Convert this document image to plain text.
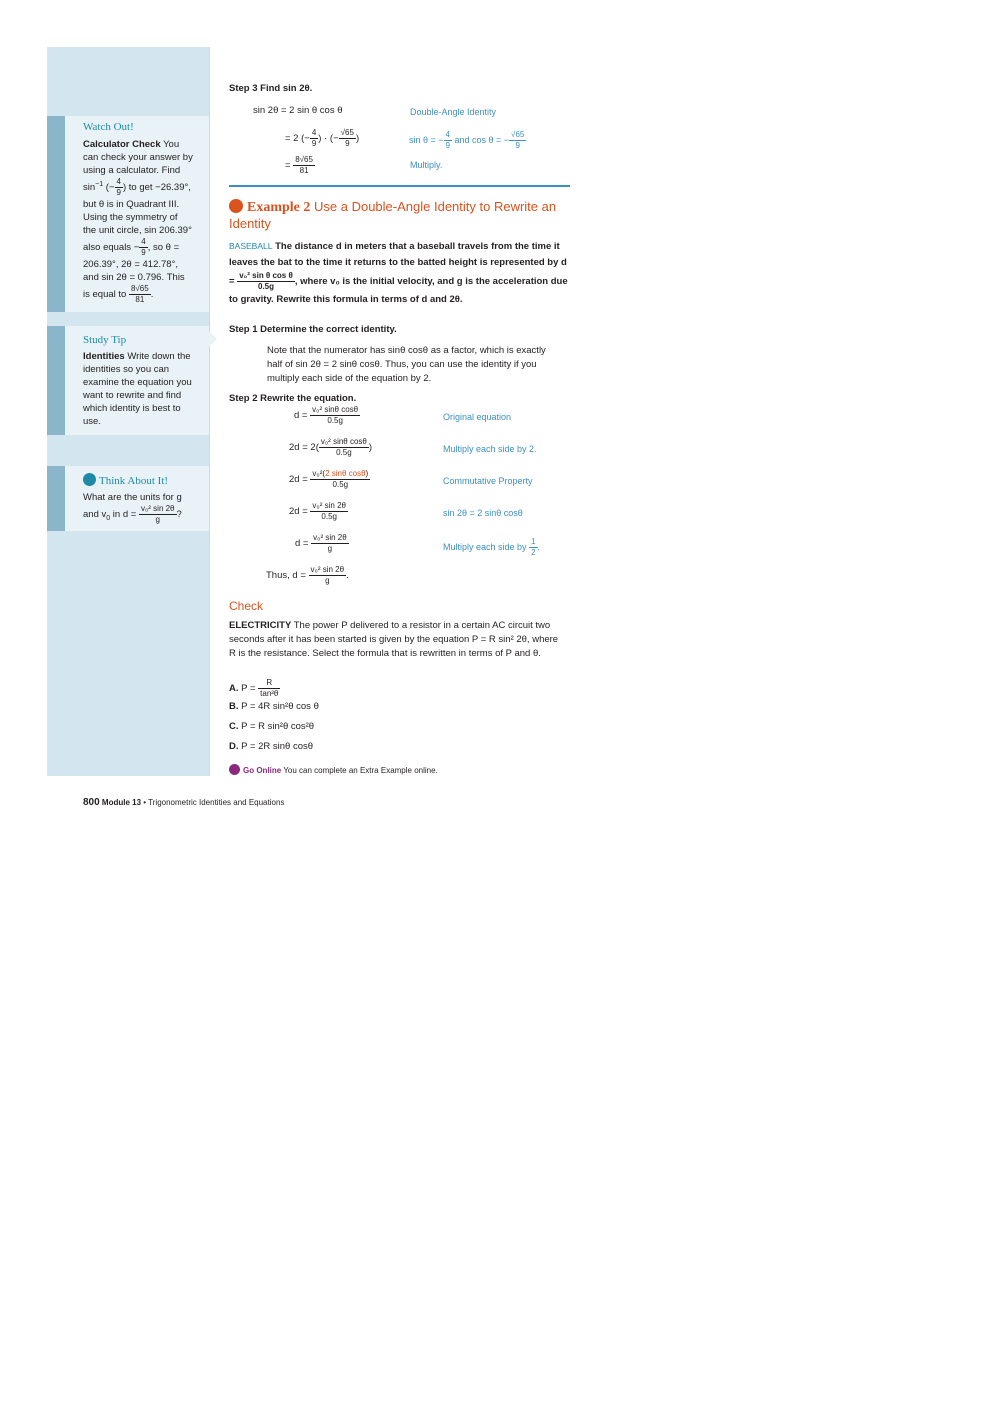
Watch Out!
Calculator Check You can check your answer by using a calculator. Find $\sin^{-1}$ (− $\frac{4}{9}$ ) to get −26.39°, but θ is in Quadrant III. Using the symmetry of the unit circle, sin 206.39° also equals − $\frac{4}{9}$ , so θ = 206.39°, 2θ = 412.78°, and sin 2θ = 0.796. This is equal to $\frac{8√65}{81}$ .
Study Tip
Identities Write down the identities so you can examine the equation you want to rewrite and find which identity is best to use.
Think About It!
What are the units for g and $v_0$ in $d = \frac{\text{v₀² sin 2θ}}{g}$ ?
Step 3 Find sin 2θ.
sin 2θ = 2 sin θ cos θ	Double-Angle Identity
= 2 (− $\frac{4}{9}$ ) · (− $\frac{√65}{9}$ )	sin θ = − $\frac{4}{9}$ and cos θ = − $\frac{√65}{9}$
= $\frac{8√65}{81}$	Multiply.
Example 2 Use a Double-Angle Identity to Rewrite an Identity
BASEBALL The distance d in meters that a baseball travels from the time it leaves the bat to the time it returns to the batted height is represented by $d = \frac{\text{v₀² sin θ cos θ}}{0.5g}$ , where v₀ is the initial velocity, and g is the acceleration due to gravity. Rewrite this formula in terms of d and 2θ.
Step 1 Determine the correct identity.
Note that the numerator has sinθ cosθ as a factor, which is exactly half of sin 2θ = 2 sinθ cosθ. Thus, you can use the identity if you multiply each side of the equation by 2.
Step 2 Rewrite the equation.
$d = \frac{\text{v₀² sinθ cosθ}}{0.5g}$	Original equation
$2d = 2( \frac{\text{v₀² sinθ cosθ}}{0.5g}$ )	Multiply each side by 2.
$2d = \frac{\text{v₀²(2 sinθ cosθ)}}{0.5g}$	Commutative Property
$2d = \frac{\text{v₀² sin 2θ}}{0.5g}$	sin 2θ = 2 sinθ cosθ
$d = \frac{\text{v₀² sin 2θ}}{g}$	Multiply each side by $\frac{1}{2}$ .
Thus, $d = \frac{\text{v₀² sin 2θ}}{g}$ .
Check
ELECTRICITY The power P delivered to a resistor in a certain AC circuit two seconds after it has been started is given by the equation P = R sin² 2θ, where R is the resistance. Select the formula that is rewritten in terms of P and θ.
A. $P = \frac{R}{\text{tan²θ}}$
B. P = 4R sin²θ cos θ
C. P = R sin²θ cos²θ
D. P = 2R sinθ cosθ
Go Online You can complete an Extra Example online.
800 Module 13 • Trigonometric Identities and Equations
